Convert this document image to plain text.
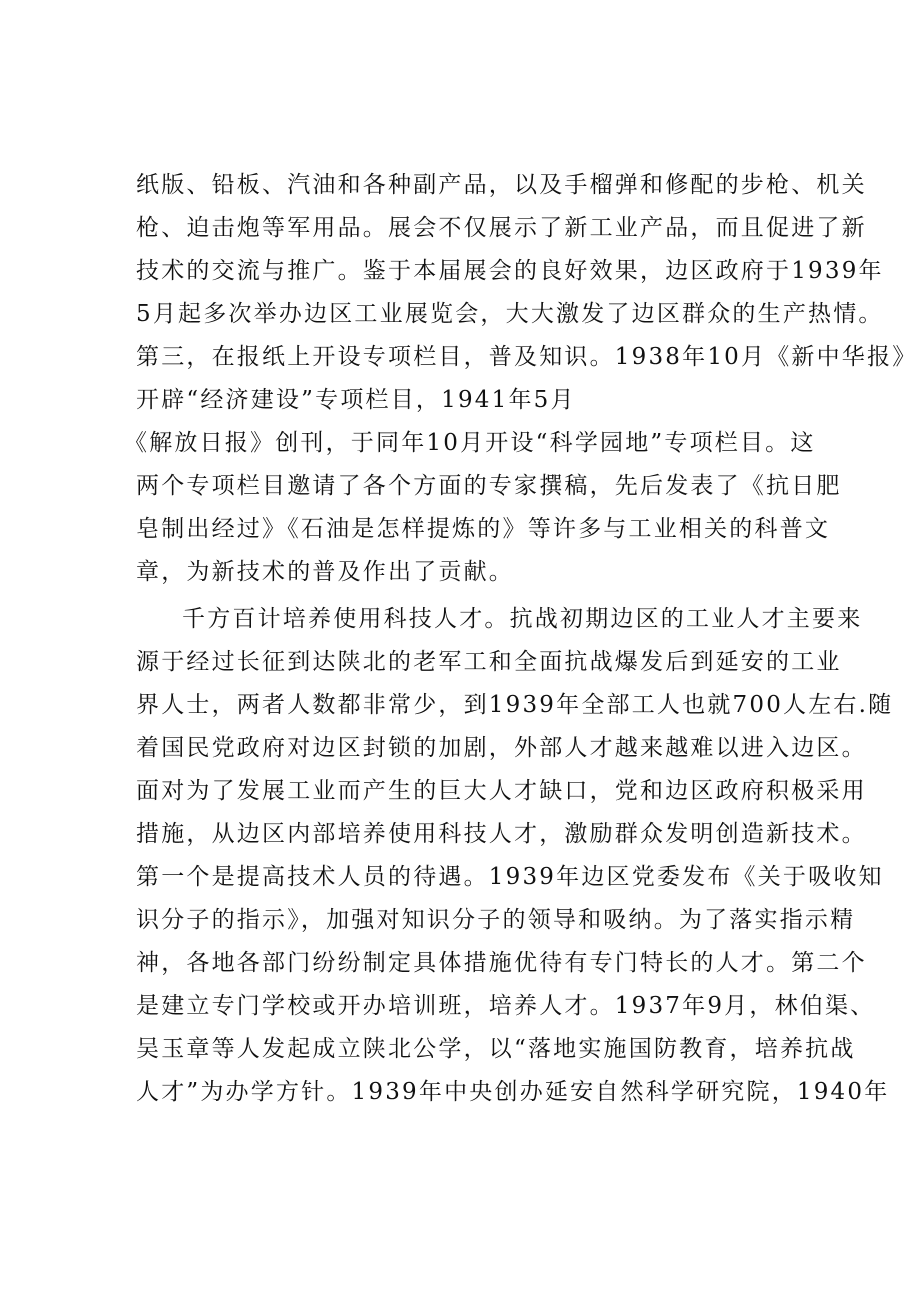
纸版、铅板、汽油和各种副产品，以及手榴弹和修配的步枪、机关
枪、迫击炮等军用品。展会不仅展示了新工业产品，而且促进了新
技术的交流与推广。鉴于本届展会的良好效果，边区政府于1939年
5月起多次举办边区工业展览会，大大激发了边区群众的生产热情。
第三，在报纸上开设专项栏目，普及知识。1938年10月《新中华报》
开辟“经济建设”专项栏目，1941年5月
《解放日报》创刊，于同年10月开设“科学园地”专项栏目。这
两个专项栏目邀请了各个方面的专家撰稿，先后发表了《抗日肥
皂制出经过》《石油是怎样提炼的》等许多与工业相关的科普文
章，为新技术的普及作出了贡献。
千方百计培养使用科技人才。抗战初期边区的工业人才主要来
源于经过长征到达陕北的老军工和全面抗战爆发后到延安的工业
界人士，两者人数都非常少，到1939年全部工人也就700人左右.随
着国民党政府对边区封锁的加剧，外部人才越来越难以进入边区。
面对为了发展工业而产生的巨大人才缺口，党和边区政府积极采用
措施，从边区内部培养使用科技人才，激励群众发明创造新技术。
第一个是提高技术人员的待遇。1939年边区党委发布《关于吸收知
识分子的指示》，加强对知识分子的领导和吸纳。为了落实指示精
神，各地各部门纷纷制定具体措施优待有专门特长的人才。第二个
是建立专门学校或开办培训班，培养人才。1937年9月，林伯渠、
吴玉章等人发起成立陕北公学，以“落地实施国防教育，培养抗战
人才”为办学方针。1939年中央创办延安自然科学研究院，1940年
